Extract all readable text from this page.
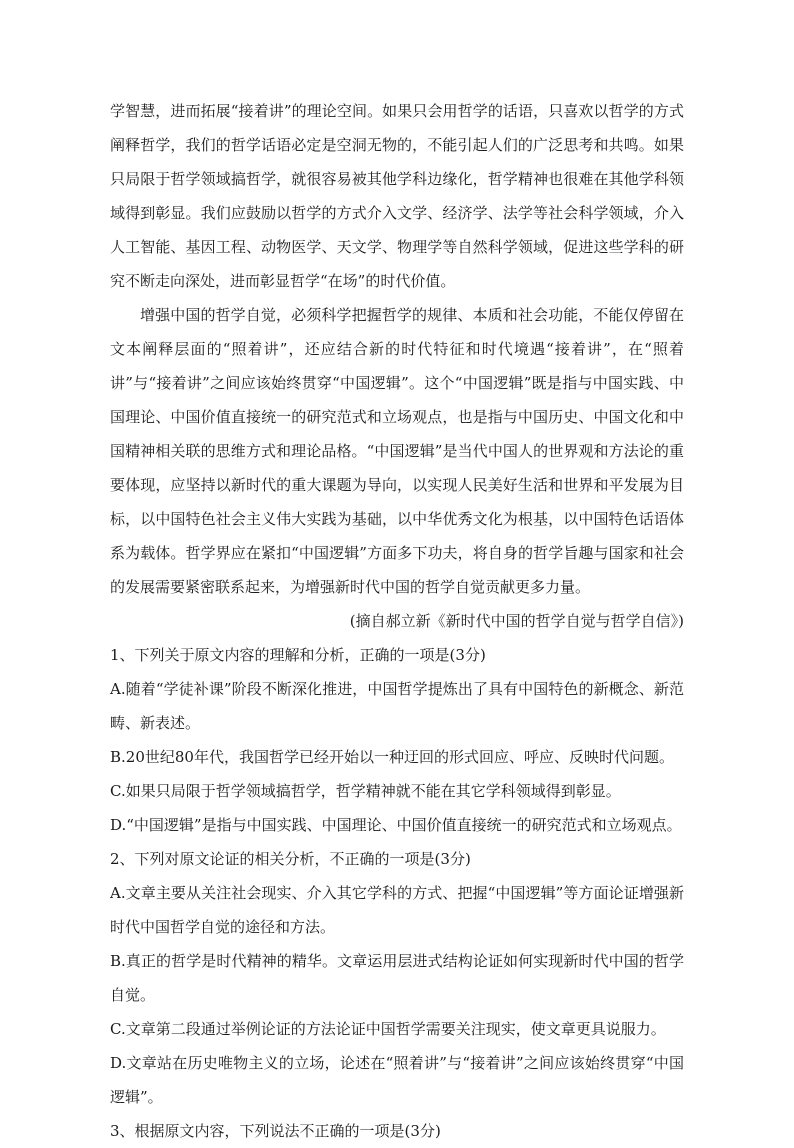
学智慧，进而拓展“接着讲”的理论空间。如果只会用哲学的话语，只喜欢以哲学的方式阐释哲学，我们的哲学话语必定是空洞无物的，不能引起人们的广泛思考和共鸣。如果只局限于哲学领域搞哲学，就很容易被其他学科边缘化，哲学精神也很难在其他学科领域得到彰显。我们应鼓励以哲学的方式介入文学、经济学、法学等社会科学领域，介入人工智能、基因工程、动物医学、天文学、物理学等自然科学领域，促进这些学科的研究不断走向深处，进而彰显哲学“在场”的时代价值。

增强中国的哲学自觉，必须科学把握哲学的规律、本质和社会功能，不能仅停留在文本阐释层面的“照着讲”，还应结合新的时代特征和时代境遇“接着讲”，在“照着讲”与“接着讲”之间应该始终贯穿“中国逻辑”。这个“中国逻辑”既是指与中国实践、中国理论、中国价值直接统一的研究范式和立场观点，也是指与中国历史、中国文化和中国精神相关联的思维方式和理论品格。“中国逻辑”是当代中国人的世界观和方法论的重要体现，应坚持以新时代的重大课题为导向，以实现人民美好生活和世界和平发展为目标，以中国特色社会主义伟大实践为基础，以中华优秀文化为根基，以中国特色话语体系为载体。哲学界应在紧扣“中国逻辑”方面多下功夫，将自身的哲学旨趣与国家和社会的发展需要紧密联系起来，为增强新时代中国的哲学自觉贡献更多力量。

(摘自郝立新《新时代中国的哲学自觉与哲学自信》)

1、下列关于原文内容的理解和分析，正确的一项是(3分)

A.随着“学徒补课”阶段不断深化推进，中国哲学提炼出了具有中国特色的新概念、新范畴、新表述。

B.20世纪80年代，我国哲学已经开始以一种迂回的形式回应、呼应、反映时代问题。

C.如果只局限于哲学领域搞哲学，哲学精神就不能在其它学科领域得到彰显。

D.“中国逻辑”是指与中国实践、中国理论、中国价值直接统一的研究范式和立场观点。

2、下列对原文论证的相关分析，不正确的一项是(3分)

A.文章主要从关注社会现实、介入其它学科的方式、把握“中国逻辑”等方面论证增强新时代中国哲学自觉的途径和方法。

B.真正的哲学是时代精神的精华。文章运用层进式结构论证如何实现新时代中国的哲学自觉。

C.文章第二段通过举例论证的方法论证中国哲学需要关注现实，使文章更具说服力。

D.文章站在历史唯物主义的立场，论述在“照着讲”与“接着讲”之间应该始终贯穿“中国逻辑”。

3、根据原文内容，下列说法不正确的一项是(3分)
